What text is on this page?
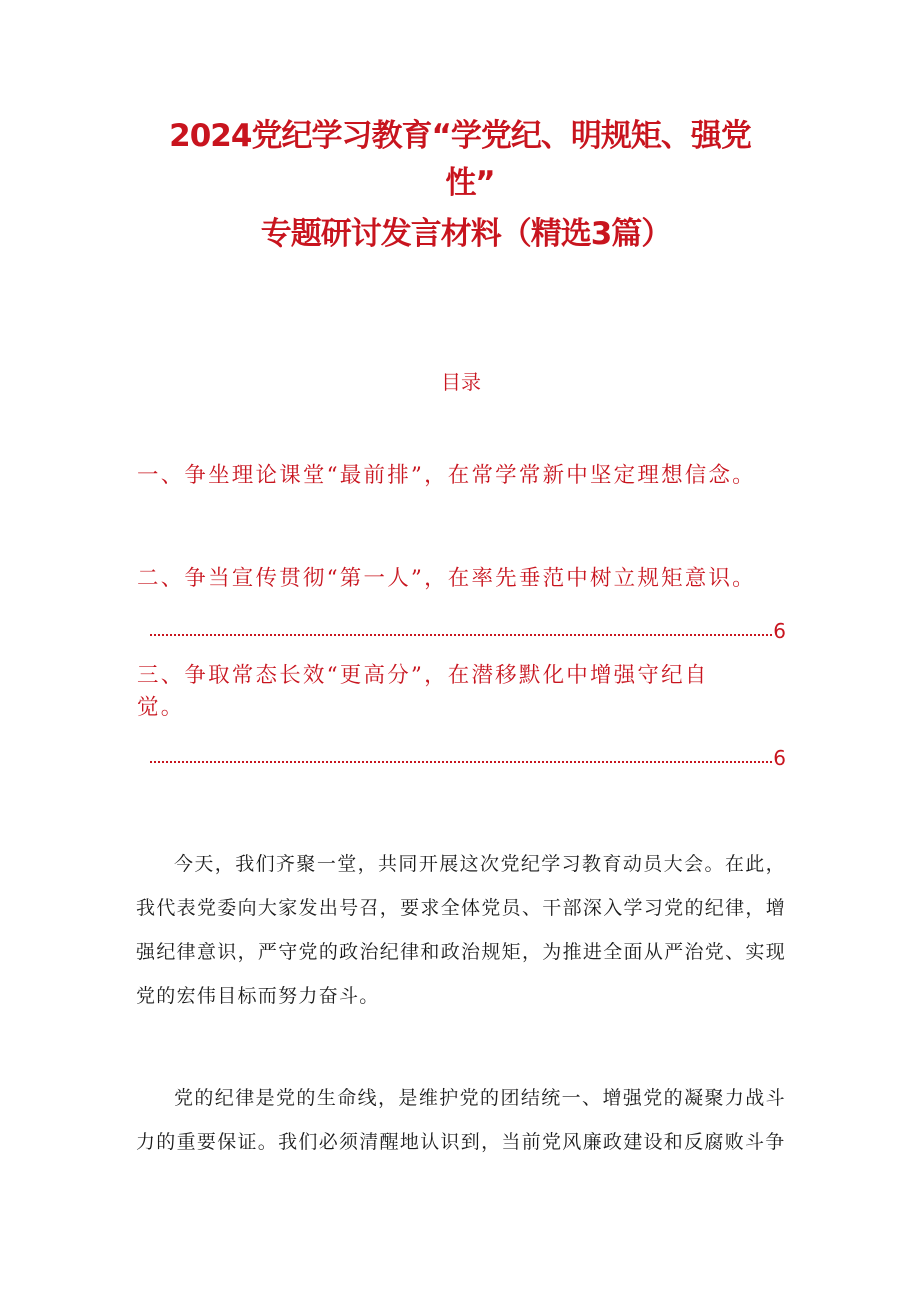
2024党纪学习教育“学党纪、明规矩、强党
性”
专题研讨发言材料（精选3篇）
目录

一、争坐理论课堂“最前排”，在常学常新中坚定理想信念。

二、争当宣传贯彻“第一人”，在率先垂范中树立规矩意识。

6

三、争取常态长效“更高分”，在潜移默化中增强守纪自

觉。

6

今天，我们齐聚一堂，共同开展这次党纪学习教育动员大会。在此，我代表党委向大家发出号召，要求全体党员、干部深入学习党的纪律，增强纪律意识，严守党的政治纪律和政治规矩，为推进全面从严治党、实现党的宏伟目标而努力奋斗。

党的纪律是党的生命线，是维护党的团结统一、增强党的凝聚力战斗力的重要保证。我们必须清醒地认识到，当前党风廉政建设和反腐败斗争
